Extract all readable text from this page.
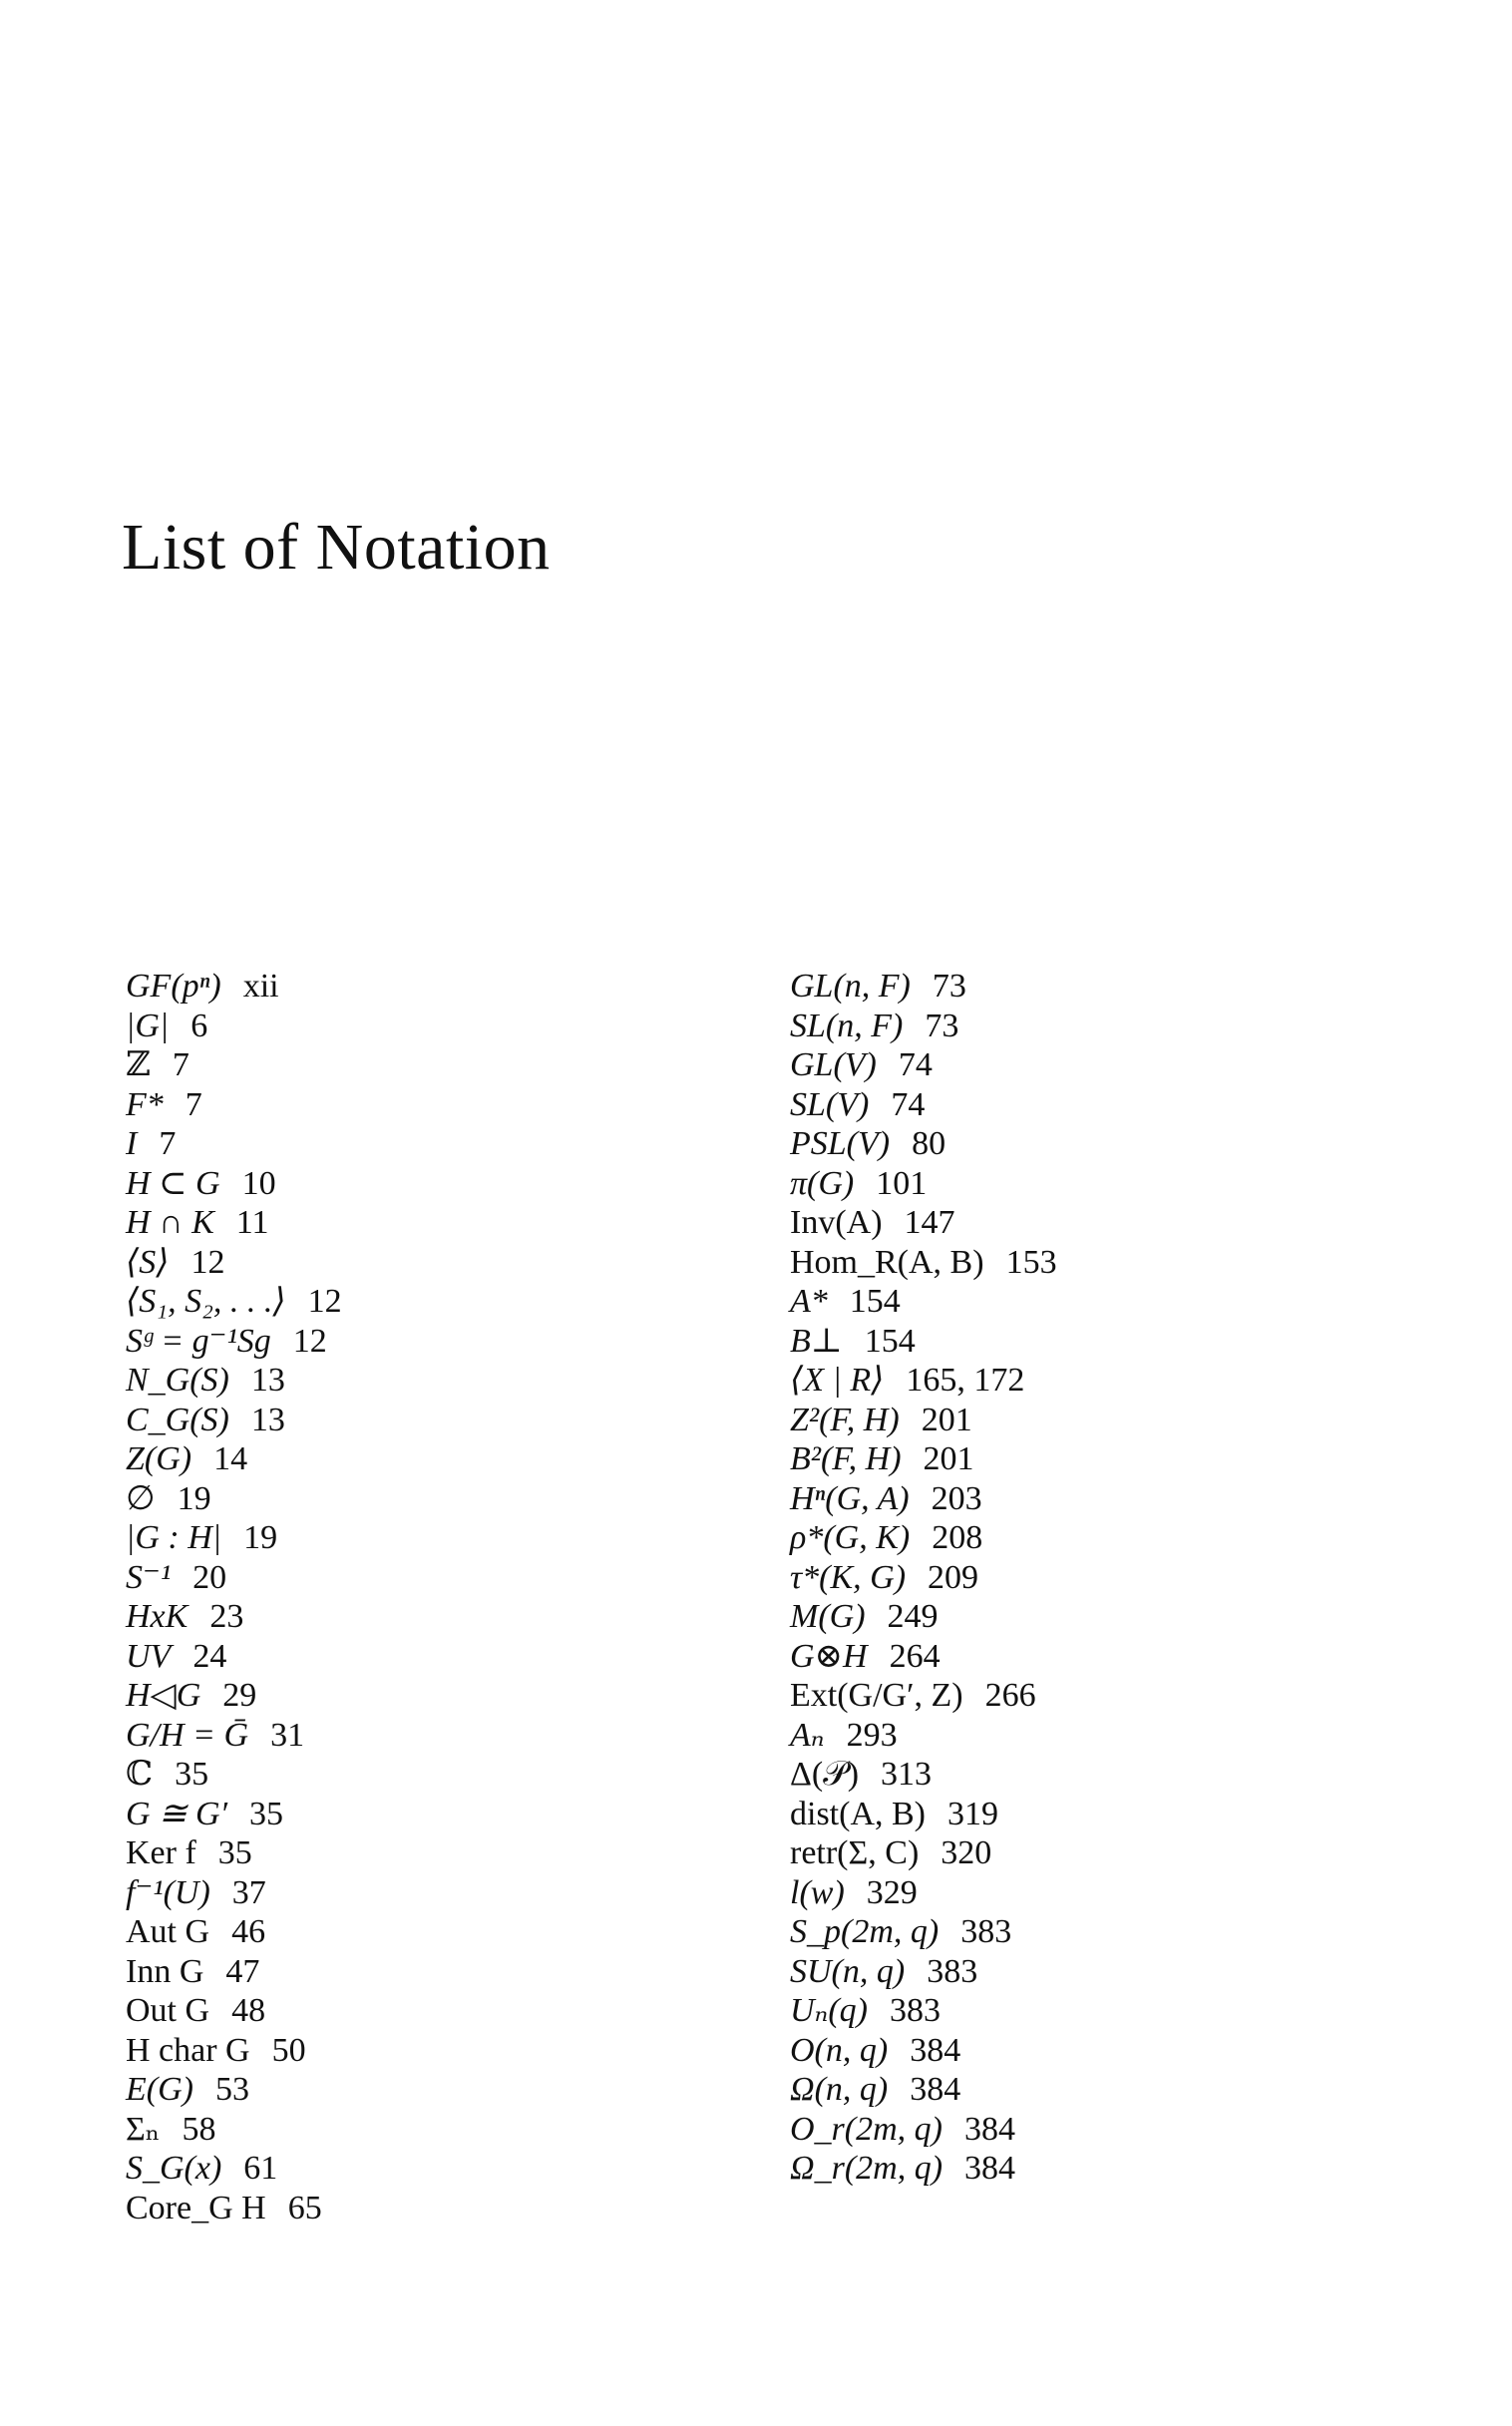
List of Notation
GF(pⁿ) xii
|G| 6
ℤ 7
F* 7
I 7
H ⊂ G 10
H ∩ K 11
⟨S⟩ 12
⟨S₁, S₂, . . .⟩ 12
Sᵍ = g⁻¹Sg 12
N_G(S) 13
C_G(S) 13
Z(G) 14
∅ 19
|G : H| 19
S⁻¹ 20
HxK 23
UV 24
H◁G 29
G/H = Ḡ 31
ℂ 35
G ≅ G′ 35
Ker f 35
f⁻¹(U) 37
Aut G 46
Inn G 47
Out G 48
H char G 50
E(G) 53
Σₙ 58
S_G(x) 61
Core_G H 65
GL(n, F) 73
SL(n, F) 73
GL(V) 74
SL(V) 74
PSL(V) 80
π(G) 101
Inv(A) 147
Hom_R(A, B) 153
A* 154
B⊥ 154
⟨X | R⟩ 165, 172
Z²(F, H) 201
B²(F, H) 201
Hⁿ(G, A) 203
ρ*(G, K) 208
τ*(K, G) 209
M(G) 249
G⊗H 264
Ext(G/G′, Z) 266
Aₙ 293
Δ(𝒫) 313
dist(A, B) 319
retr(Σ, C) 320
l(w) 329
S_p(2m, q) 383
SU(n, q) 383
Uₙ(q) 383
O(n, q) 384
Ω(n, q) 384
O_r(2m, q) 384
Ω_r(2m, q) 384
